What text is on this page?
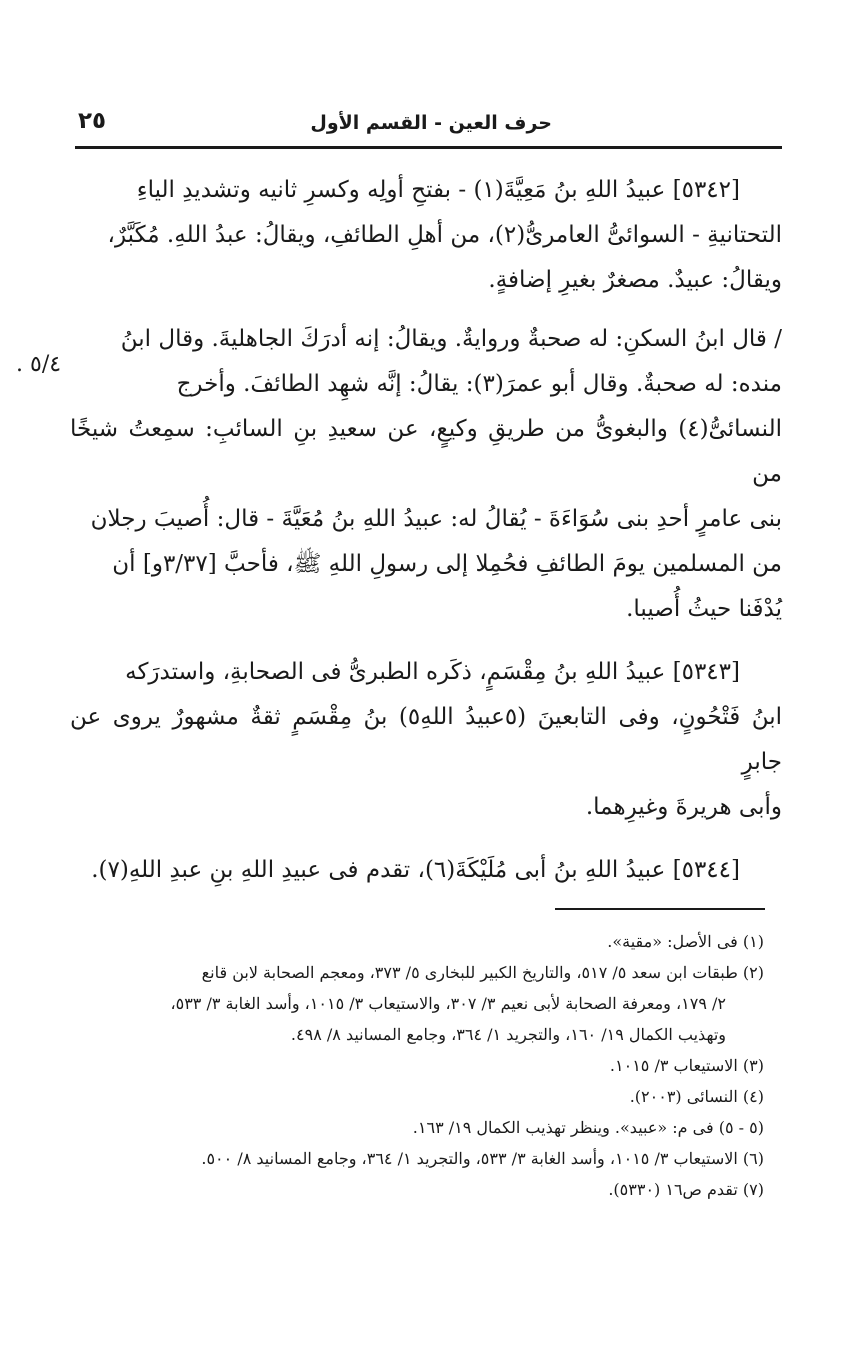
حرف العين - القسم الأول
٢٥
٥/٤ .

[٥٣٤٢] عبيدُ اللهِ بنُ مَعِيَّةَ(١) - بفتحِ أولِه وكسرِ ثانيه وتشديدِ الياءِ

التحتانيةِ - السوائىُّ العامرىُّ(٢)، من أهلِ الطائفِ، ويقالُ: عبدُ اللهِ. مُكَبَّرٌ،

ويقالُ: عبيدٌ. مصغرٌ بغيرِ إضافةٍ.

/ قال ابنُ السكنِ: له صحبةٌ وروايةٌ. ويقالُ: إنه أدرَكَ الجاهليةَ. وقال ابنُ

منده: له صحبةٌ. وقال أبو عمرَ(٣): يقالُ: إنَّه شهِد الطائفَ. وأخرج

النسائىُّ(٤) والبغوىُّ من طريقِ وكيعٍ، عن سعيدِ بنِ السائبِ: سمِعتُ شيخًا من

بنى عامرٍ أحدِ بنى سُوَاءَةَ - يُقالُ له: عبيدُ اللهِ بنُ مُعَيَّةَ - قال: أُصيبَ رجلان

من المسلمين يومَ الطائفِ فحُمِلا إلى رسولِ اللهِ ﷺ، فأحبَّ [٣/٣٧و] أن

يُدْفَنا حيثُ أُصيبا.

[٥٣٤٣] عبيدُ اللهِ بنُ مِقْسَمٍ، ذكَره الطبرىُّ فى الصحابةِ، واستدرَكه

ابنُ فَتْحُونٍ، وفى التابعينَ (٥عبيدُ اللهِ٥) بنُ مِقْسَمٍ ثقةٌ مشهورٌ يروى عن جابرٍ

وأبى هريرةَ وغيرِهما.

[٥٣٤٤] عبيدُ اللهِ بنُ أبى مُلَيْكَةَ(٦)، تقدم فى عبيدِ اللهِ بنِ عبدِ اللهِ(٧).

(١) فى الأصل: «مقية».

(٢) طبقات ابن سعد ٥/ ٥١٧، والتاريخ الكبير للبخارى ٥/ ٣٧٣، ومعجم الصحابة لابن قانع

٢/ ١٧٩، ومعرفة الصحابة لأبى نعيم ٣/ ٣٠٧، والاستيعاب ٣/ ١٠١٥، وأسد الغابة ٣/ ٥٣٣،

وتهذيب الكمال ١٩/ ١٦٠، والتجريد ١/ ٣٦٤، وجامع المسانيد ٨/ ٤٩٨.

(٣) الاستيعاب ٣/ ١٠١٥.

(٤) النسائى (٢٠٠٣).

(٥ - ٥) فى م: «عبيد». وينظر تهذيب الكمال ١٩/ ١٦٣.

(٦) الاستيعاب ٣/ ١٠١٥، وأسد الغابة ٣/ ٥٣٣، والتجريد ١/ ٣٦٤، وجامع المسانيد ٨/ ٥٠٠.

(٧) تقدم ص١٦ (٥٣٣٠).
